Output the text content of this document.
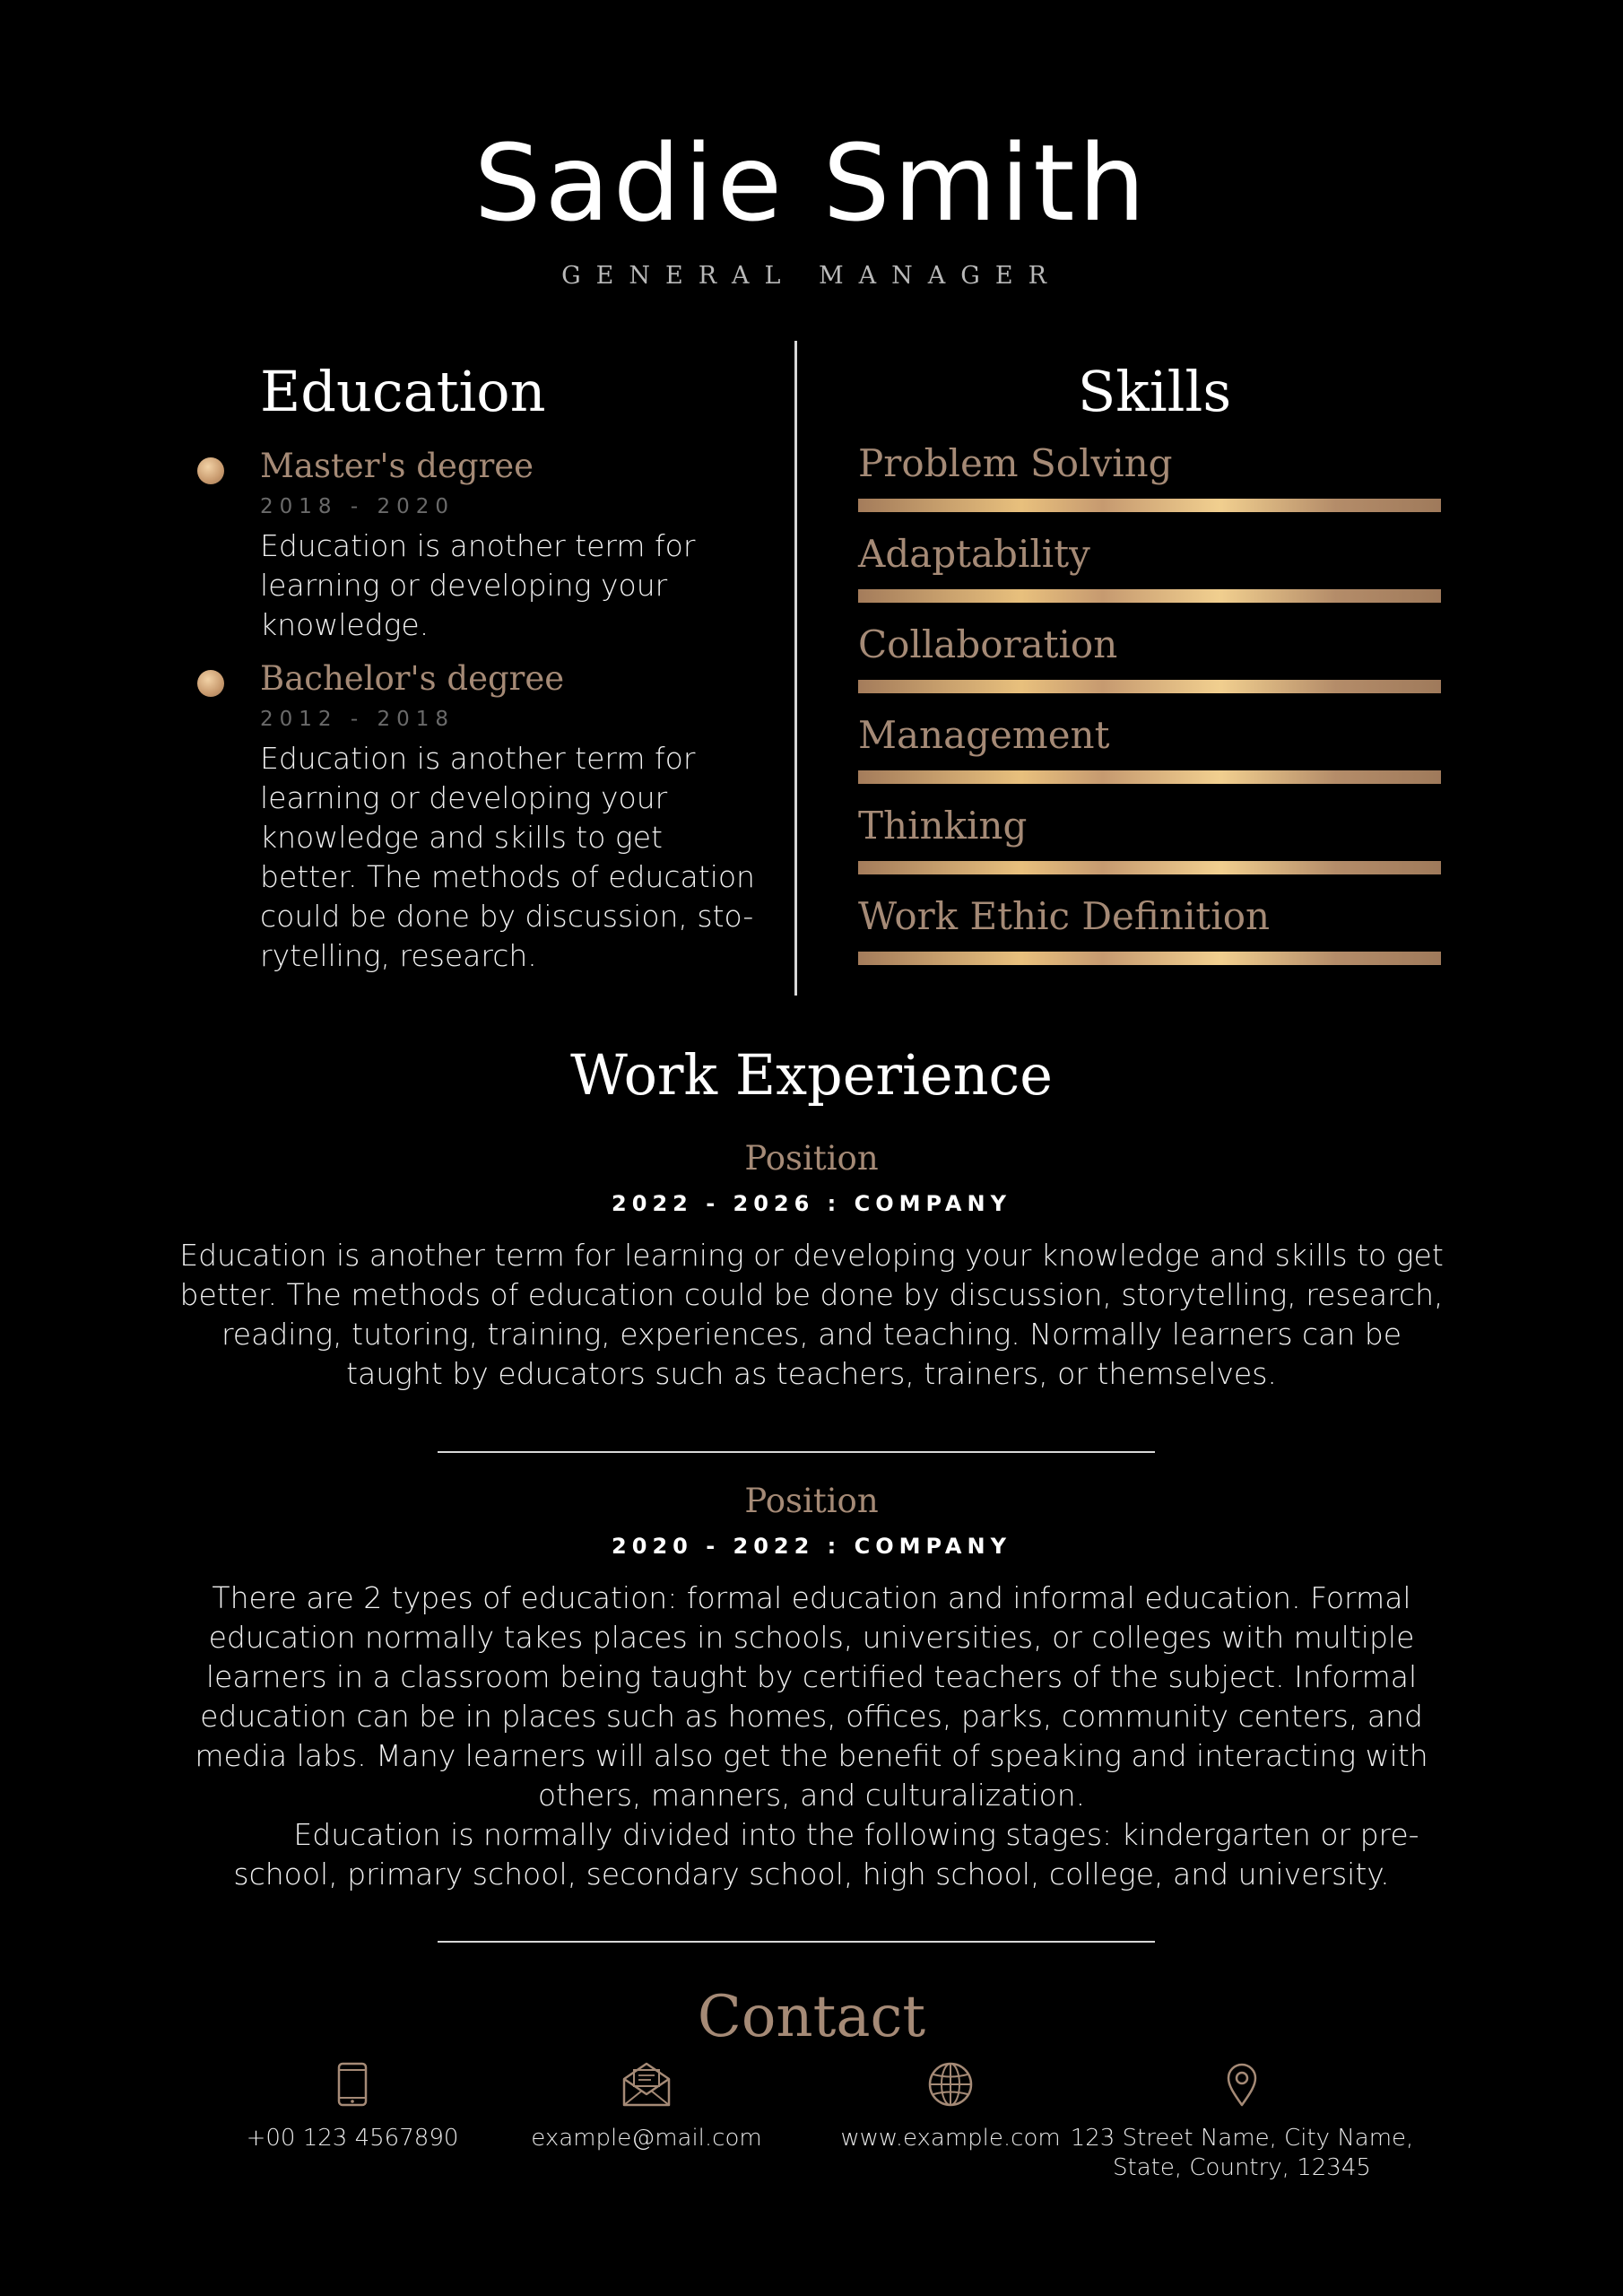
Sadie Smith
GENERAL MANAGER
Education
Master's degree
2018 - 2020
Education is another term for learning or developing your knowledge.
Bachelor's degree
2012 - 2018
Education is another term for learning or developing your knowledge and skills to get better. The methods of education could be done by discussion, sto-rytelling, research.
Skills
Problem Solving
Adaptability
Collaboration
Management
Thinking
Work Ethic Definition
Work Experience
Position
2022 - 2026 : COMPANY

Education is another term for learning or developing your knowledge and skills to get better. The methods of education could be done by discussion, storytelling, research, reading, tutoring, training, experiences, and teaching. Normally learners can be taught by educators such as teachers, trainers, or themselves.

Position
2020 - 2022 : COMPANY

There are 2 types of education: formal education and informal education. Formal education normally takes places in schools, universities, or colleges with multiple learners in a classroom being taught by certified teachers of the subject. Informal education can be in places such as homes, offices, parks, community centers, and media labs. Many learners will also get the benefit of speaking and interacting with others, manners, and culturalization.

Education is normally divided into the following stages: kindergarten or pre-school, primary school, secondary school, high school, college, and university.

Contact
+00 123 4567890	example@mail.com	www.example.com 123 Street Name, City Name, State, Country, 12345
